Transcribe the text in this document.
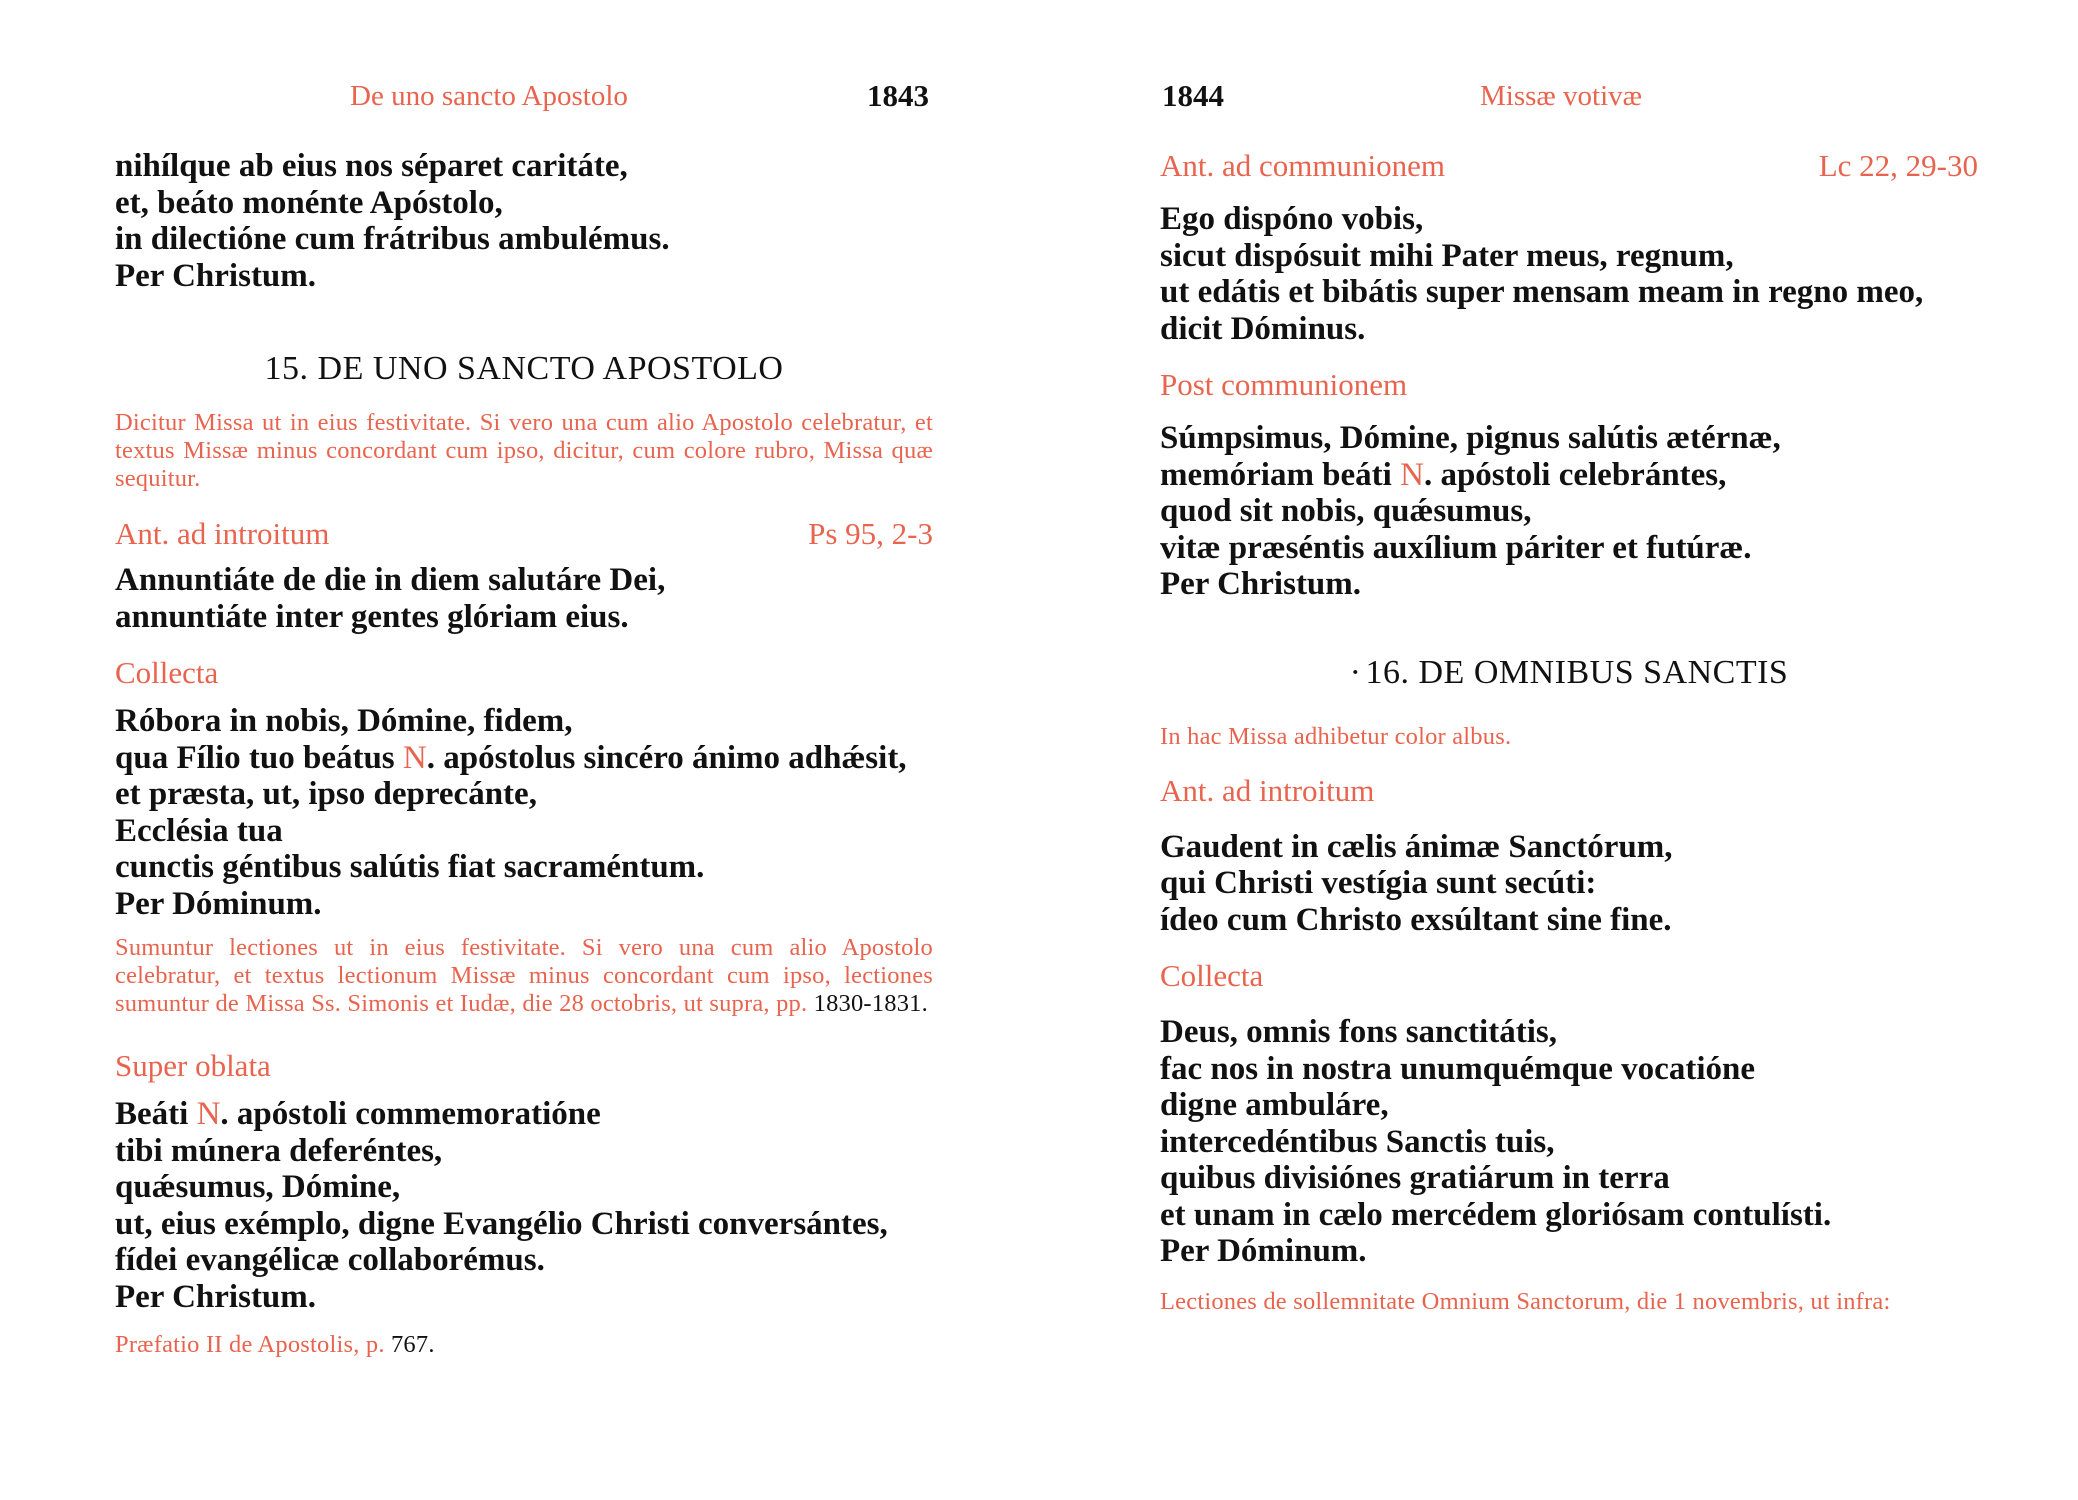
De uno sancto Apostolo	1843
nihílque ab eius nos séparet caritáte,
et, beáto monénte Apóstolo,
in dilectióne cum frátribus ambulémus.
Per Christum.
15. DE UNO SANCTO APOSTOLO
Dicitur Missa ut in eius festivitate. Si vero una cum alio Apostolo celebratur, et textus Missæ minus concordant cum ipso, dicitur, cum colore rubro, Missa quæ sequitur.
Ant. ad introitum	Ps 95, 2-3
Annuntiáte de die in diem salutáre Dei,
annuntiáte inter gentes glóriam eius.
Collecta
Róbora in nobis, Dómine, fidem,
qua Fílio tuo beátus N. apóstolus sincéro ánimo adhǽsit,
et præsta, ut, ipso deprecánte,
Ecclésia tua
cunctis géntibus salútis fiat sacraméntum.
Per Dóminum.
Sumuntur lectiones ut in eius festivitate. Si vero una cum alio Apostolo celebratur, et textus lectionum Missæ minus concordant cum ipso, lectiones sumuntur de Missa Ss. Simonis et Iudæ, die 28 octobris, ut supra, pp. 1830-1831.
Super oblata
Beáti N. apóstoli commemoratióne
tibi múnera deferéntes,
quǽsumus, Dómine,
ut, eius exémplo, digne Evangélio Christi conversántes,
fídei evangélicæ collaborémus.
Per Christum.
Præfatio II de Apostolis, p. 767.
1844	Missæ votivæ
Ant. ad communionem	Lc 22, 29-30
Ego dispóno vobis,
sicut dispósuit mihi Pater meus, regnum,
ut edátis et bibátis super mensam meam in regno meo,
dicit Dóminus.
Post communionem
Súmpsimus, Dómine, pignus salútis ætérnæ,
memóriam beáti N. apóstoli celebrántes,
quod sit nobis, quǽsumus,
vitæ præséntis auxílium páriter et futúræ.
Per Christum.
· 16. DE OMNIBUS SANCTIS
In hac Missa adhibetur color albus.
Ant. ad introitum
Gaudent in cælis ánimæ Sanctórum,
qui Christi vestígia sunt secúti:
ídeo cum Christo exsúltant sine fine.
Collecta
Deus, omnis fons sanctitátis,
fac nos in nostra unumquémque vocatióne
digne ambuláre,
intercedéntibus Sanctis tuis,
quibus divisiónes gratiárum in terra
et unam in cælo mercédem gloriósam contulísti.
Per Dóminum.
Lectiones de sollemnitate Omnium Sanctorum, die 1 novembris, ut infra:
